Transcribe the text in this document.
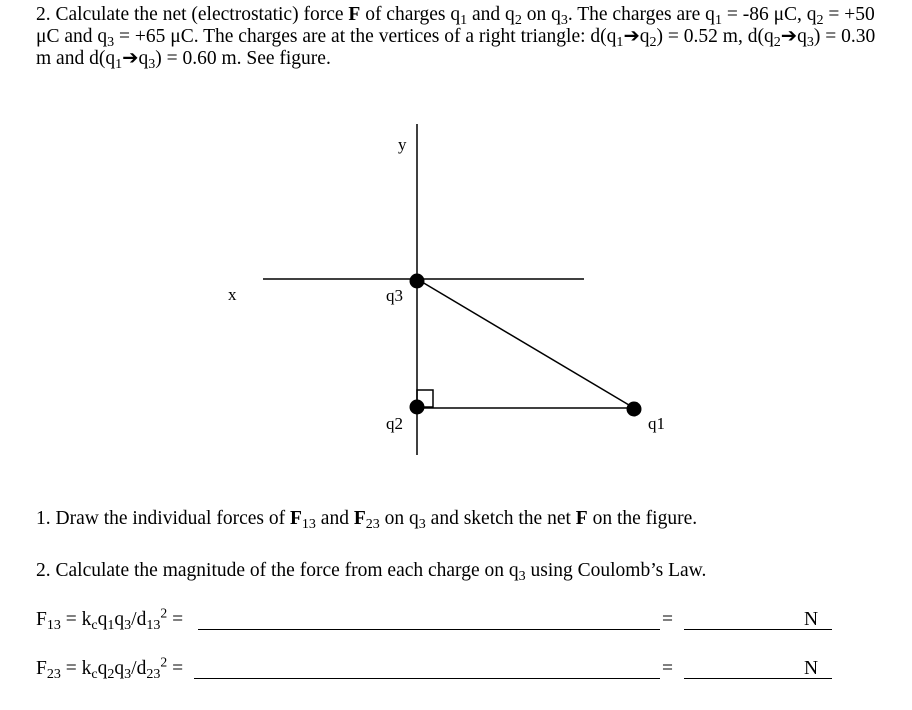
2. Calculate the net (electrostatic) force F of charges $q_1$ and $q_2$ on $q_3$. The charges are $q_1 = -86$ μC, $q_2 = +50$ μC and $q_3 = +65$ μC. The charges are at the vertices of a right triangle: $d(q_1➔q_2) = 0.52$ m, $d(q_2➔q_3) = 0.30$ m and $d(q_1➔q_3) = 0.60$ m. See figure.

y
x	q3
q2	q1

1. Draw the individual forces of $F_{13}$ and $F_{23}$ on $q_3$ and sketch the net F on the figure.

2. Calculate the magnitude of the force from each charge on $q_3$ using Coulomb’s Law.

$F_{13} = k_cq_1q_3/d_{13}^2$ =	=	N
$F_{23} = k_cq_2q_3/d_{23}^2$ =	=	N
